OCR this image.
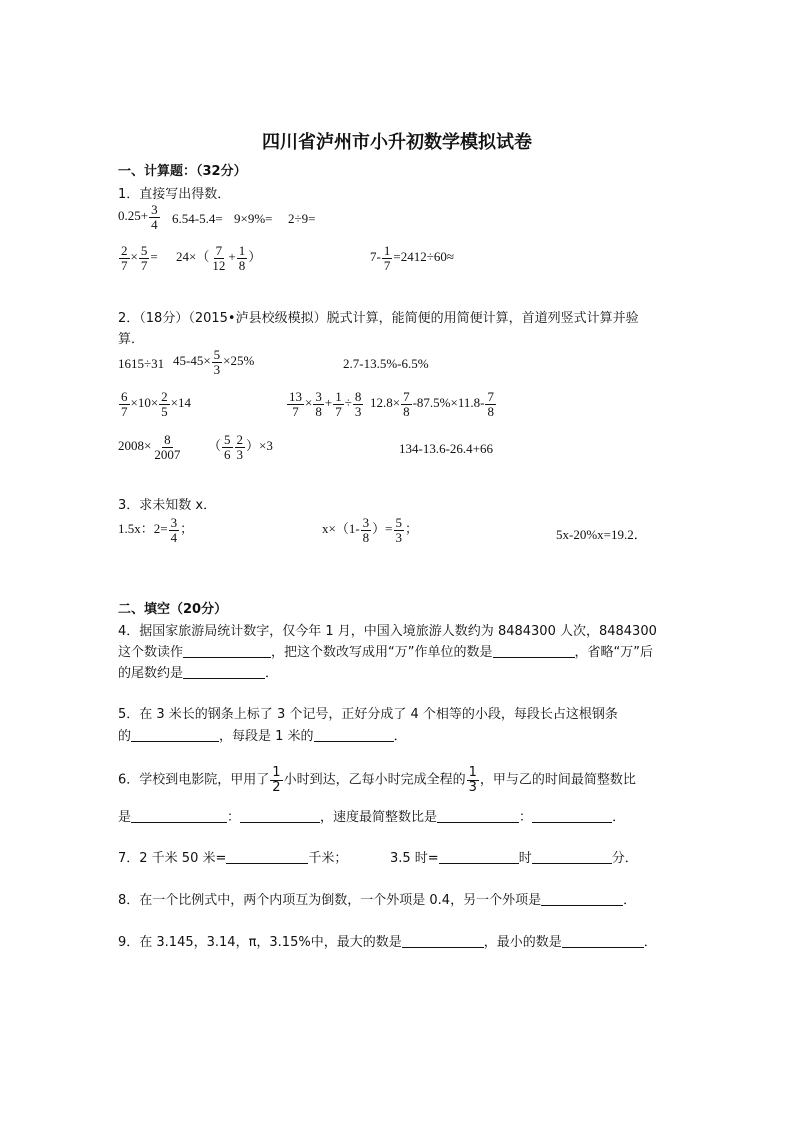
四川省泸州市小升初数学模拟试卷
一、计算题：（32分）
1．直接写出得数．
$0.25+ \frac{3}{4} 6.54-5.4= 9\times 9\%= 2\div 9=$
$\frac{2}{7} \times \frac{5}{7} = 24\times( \frac{7}{12} + \frac{1}{8}$ ）	$7- \frac{1}{7} =2412\div 60\approx$
2．（18分）（2015•泸县校级模拟）脱式计算，能简便的用简便计算，首道列竖式计算并验
算．
1615÷31 $45-45\times \frac{5}{3} \times 25\%$	2.7-13.5%-6.5%
$\frac{6}{7} \times 10\times \frac{2}{5} \times 14$	$\frac{13}{7} \times \frac{3}{8} + \frac{1}{7} \div \frac{8}{3} 12.8\times \frac{7}{8} -87.5\%\times 11.8- \frac{7}{8}$
$2008\times \frac{8}{2007}$ （ $\frac{5}{6} \frac{2}{3} )\times 3$	134-13.6-26.4+66
3．求未知数 x．
1.5x：$2= \frac{3}{4}$ ；	$x\times(1- \frac{3}{8}$ ）= $\frac{5}{3}$ ；	5x-20%x=19.2．
二、填空（20分）
4．据国家旅游局统计数字，仅今年 1 月，中国入境旅游人数约为 8484300 人次，8484300
这个数读作	，把这个数改写成用“万”作单位的数是	，省略“万”后
的尾数约是	．
5．在 3 米长的钢条上标了 3 个记号，正好分成了 4 个相等的小段，每段长占这根钢条
的	，每段是 1 米的	．
6．学校到电影院，甲用了 $\frac{1}{2}$ 小时到达，乙每小时完成全程的 $\frac{1}{3}$ ，甲与乙的时间最简整数比
是	：	，速度最简整数比是	：	．
7．2 千米 50 米=	千米；	3.5 时=	时	分．
8．在一个比例式中，两个内项互为倒数，一个外项是 0.4，另一个外项是	．
9．在 3.145，3.14，π，3.15%中，最大的数是	，最小的数是	．
